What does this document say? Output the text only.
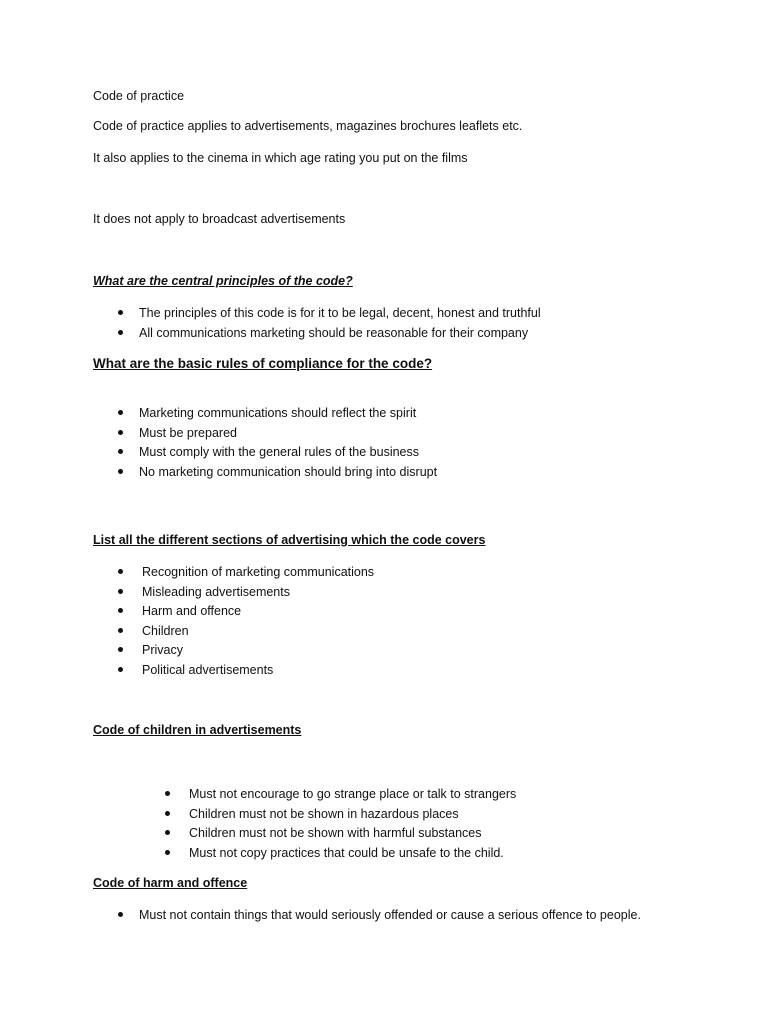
Code of practice
Code of practice applies to advertisements, magazines brochures leaflets etc.
It also applies to the cinema in which age rating you put on the films
It does not apply to broadcast advertisements
What are the central principles of the code?
The principles of this code is for it to be legal, decent, honest and truthful
All communications marketing should be reasonable for their company
What are the basic rules of compliance for the code?
Marketing communications should reflect the spirit
Must be prepared
Must comply with the general rules of the business
No marketing communication should bring into disrupt
List all the different sections of advertising which the code covers
Recognition of marketing communications
Misleading advertisements
Harm and offence
Children
Privacy
Political advertisements
Code of children in advertisements
Must not encourage to go strange place or talk to strangers
Children must not be shown in hazardous places
Children must not be shown with harmful substances
Must not copy practices that could be unsafe to the child.
Code of harm and offence
Must not contain things that would seriously offended or cause a serious offence to people.
